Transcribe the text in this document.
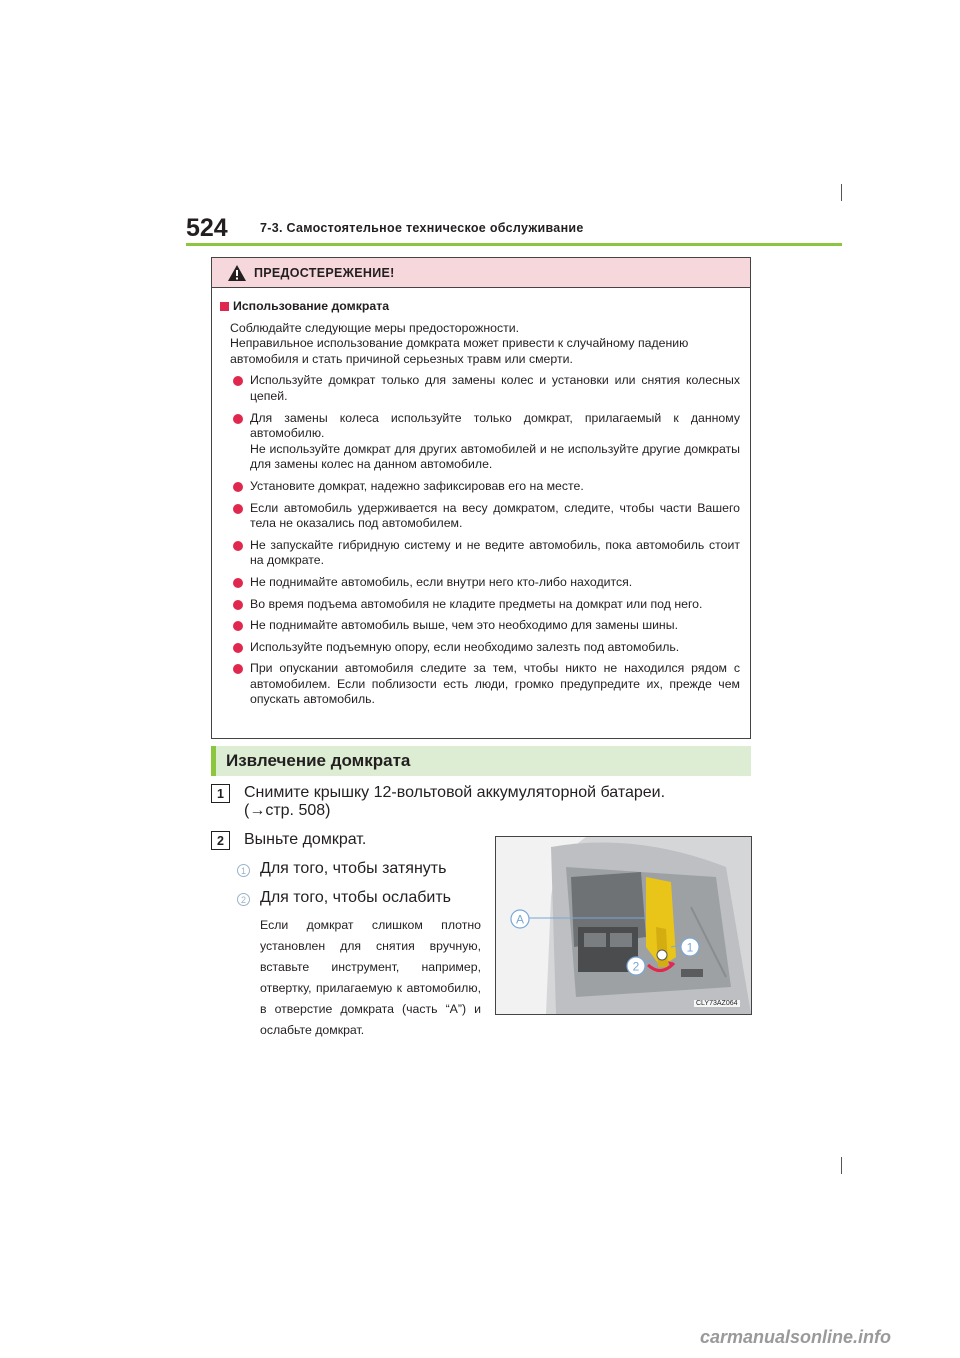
524	7-3. Самостоятельное техническое обслуживание
ПРЕДОСТЕРЕЖЕНИЕ!
Использование домкрата
Соблюдайте следующие меры предосторожности.
Неправильное использование домкрата может привести к случайному падению автомобиля и стать причиной серьезных травм или смерти.
Используйте домкрат только для замены колес и установки или снятия колесных цепей.
Для замены колеса используйте только домкрат, прилагаемый к данному автомобилю.
Не используйте домкрат для других автомобилей и не используйте другие домкраты для замены колес на данном автомобиле.
Установите домкрат, надежно зафиксировав его на месте.
Если автомобиль удерживается на весу домкратом, следите, чтобы части Вашего тела не оказались под автомобилем.
Не запускайте гибридную систему и не ведите автомобиль, пока автомобиль стоит на домкрате.
Не поднимайте автомобиль, если внутри него кто-либо находится.
Во время подъема автомобиля не кладите предметы на домкрат или под него.
Не поднимайте автомобиль выше, чем это необходимо для замены шины.
Используйте подъемную опору, если необходимо залезть под автомобиль.
При опускании автомобиля следите за тем, чтобы никто не находился рядом с автомобилем. Если поблизости есть люди, громко предупредите их, прежде чем опускать автомобиль.
Извлечение домкрата
1	Снимите крышку 12-вольтовой аккумуляторной батареи.
(→стр. 508)
2	Выньте домкрат.
1 Для того, чтобы затянуть
2 Для того, чтобы ослабить
Если домкрат слишком плотно установлен для снятия вручную, вставьте инструмент, например, отвертку, прилагаемую к автомобилю, в отверстие домкрата (часть “A”) и ослабьте домкрат.
A
1
2
CLY73AZ064
carmanualsonline.info
